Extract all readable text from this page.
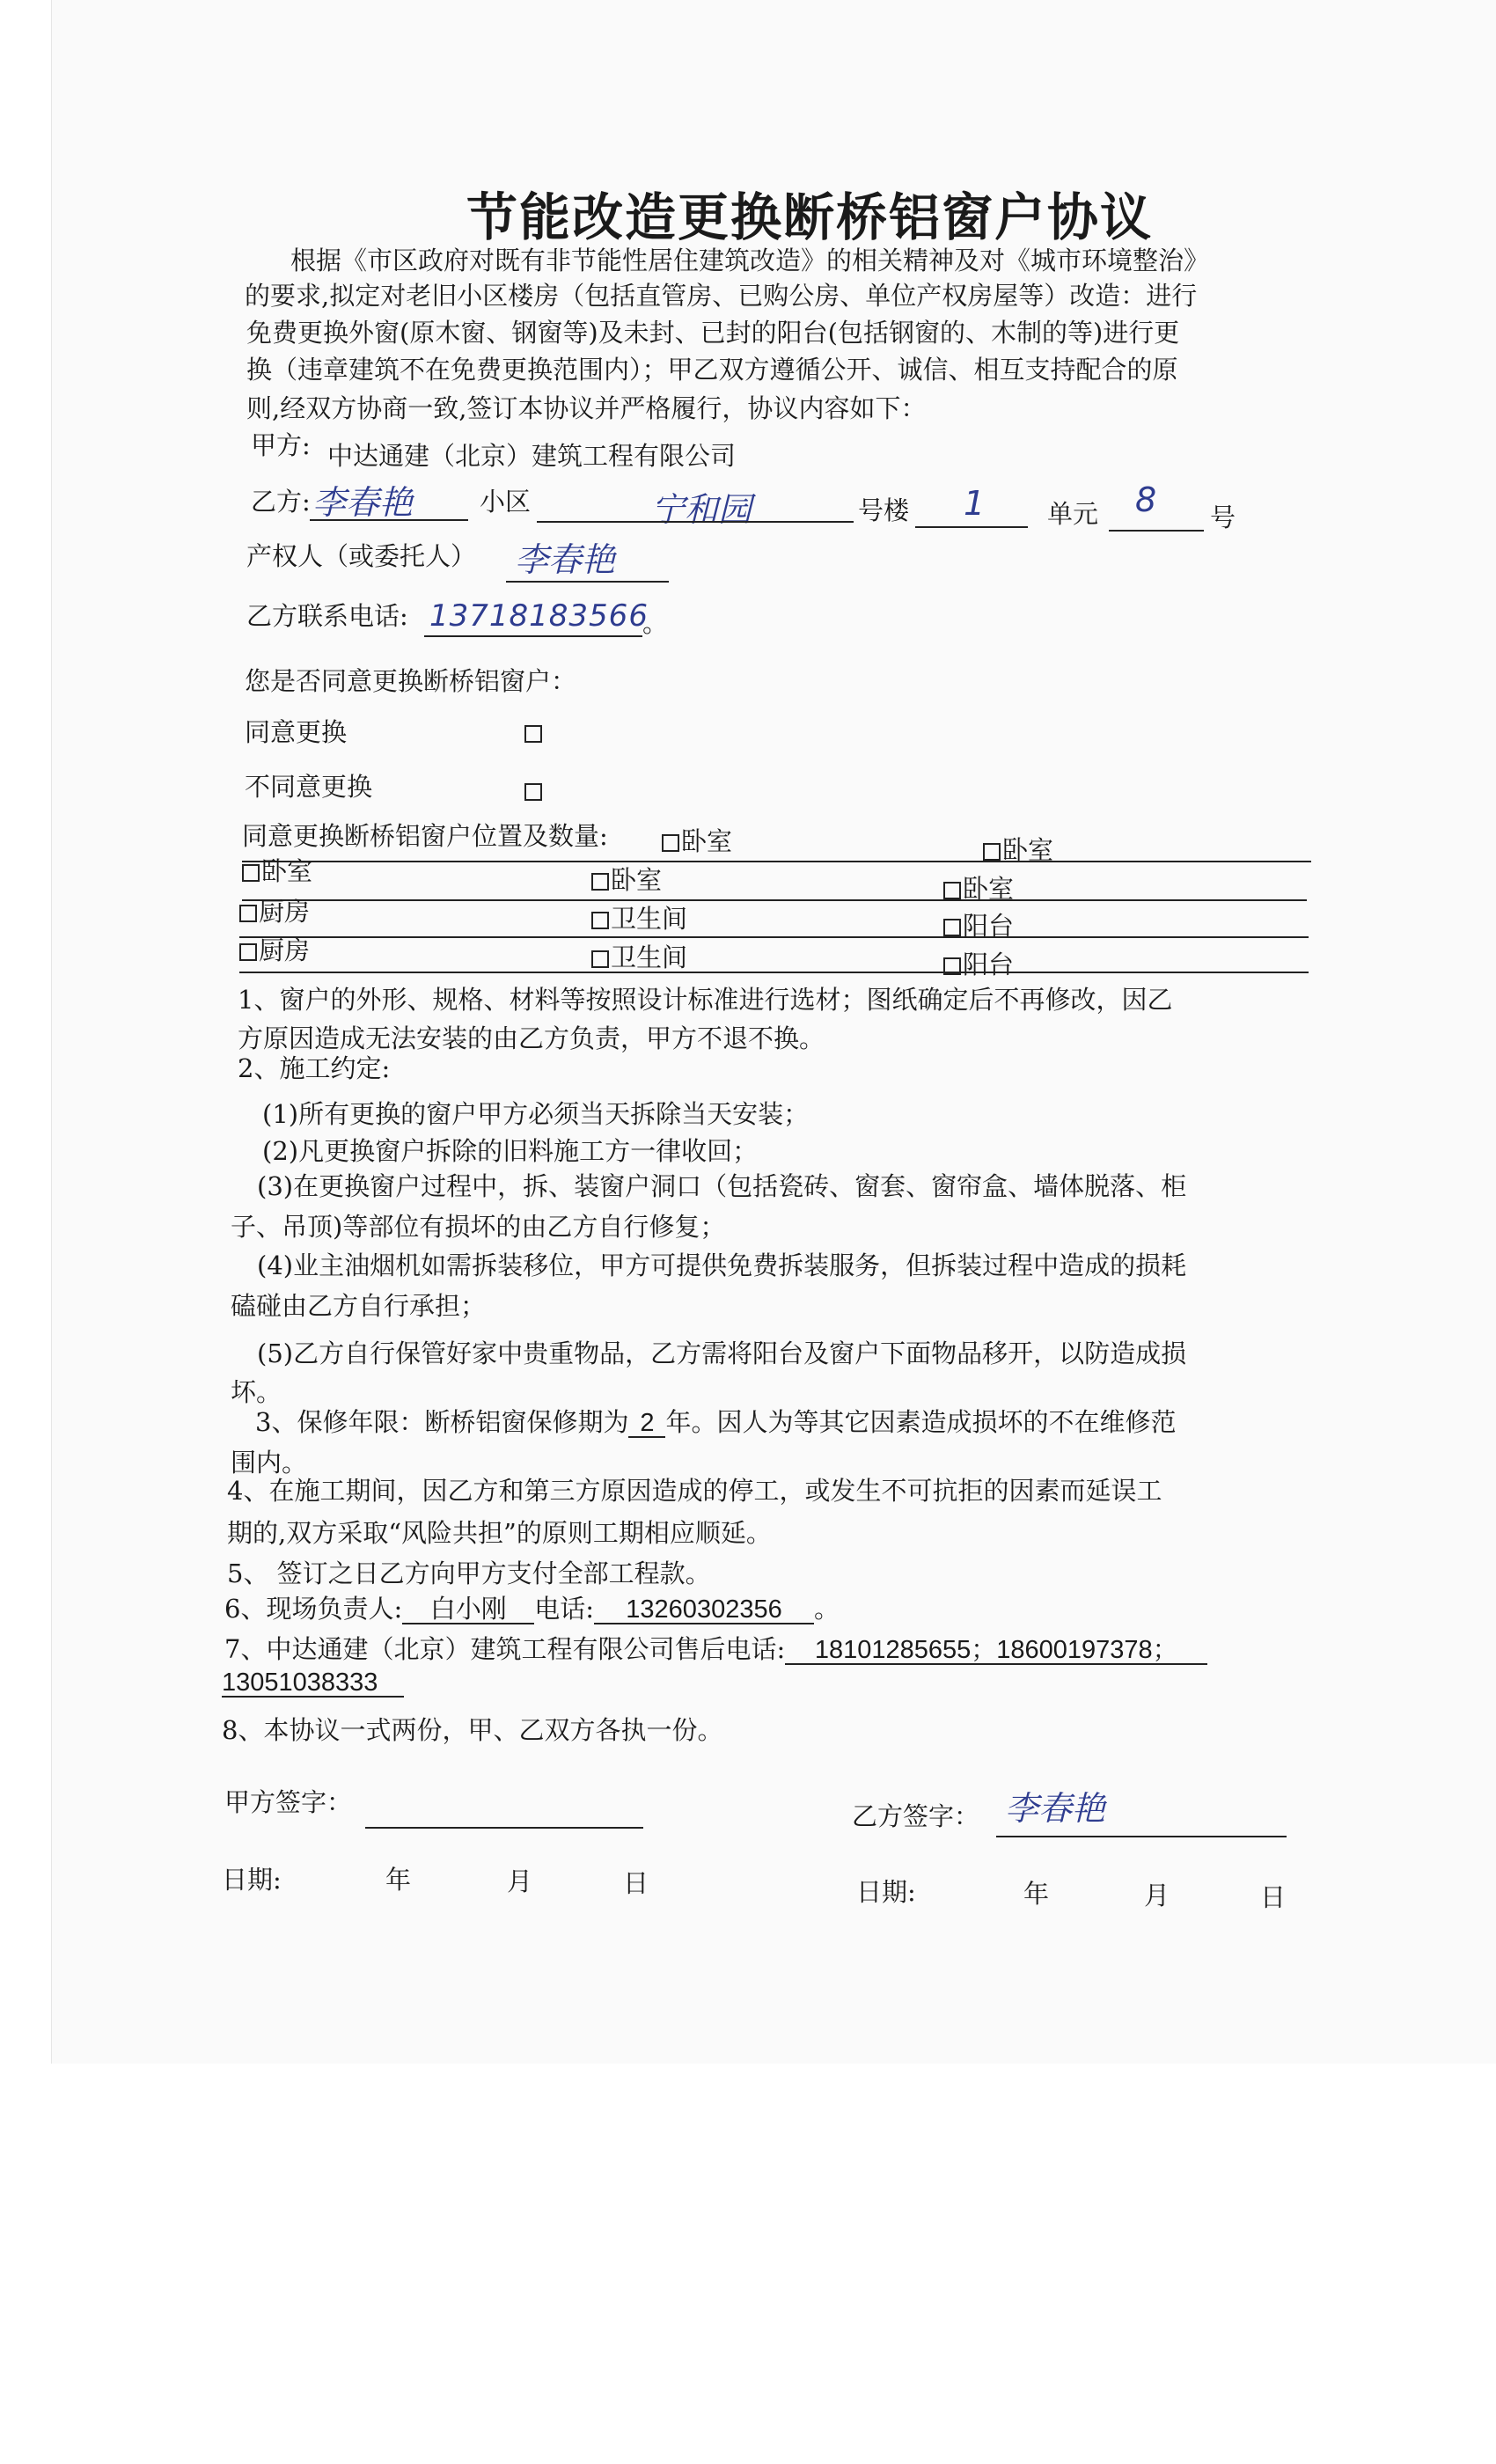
节能改造更换断桥铝窗户协议
根据《市区政府对既有非节能性居住建筑改造》的相关精神及对《城市环境整治》
的要求,拟定对老旧小区楼房（包括直管房、已购公房、单位产权房屋等）改造：进行
免费更换外窗(原木窗、钢窗等)及未封、已封的阳台(包括钢窗的、木制的等)进行更
换（违章建筑不在免费更换范围内）；甲乙双方遵循公开、诚信、相互支持配合的原
则,经双方协商一致,签订本协议并严格履行，协议内容如下：
甲方: 中达通建（北京）建筑工程有限公司
乙方: 李春艳	小区	宁和园	号楼 1 单元 8 号
产权人（或委托人） 李春艳
乙方联系电话: 13718183566
。
您是否同意更换断桥铝窗户：
同意更换
不同意更换
同意更换断桥铝窗户位置及数量:	卧室	卧室
卧室	卧室	卧室
厨房	卫生间	阳台
厨房	卫生间	阳台
1、窗户的外形、规格、材料等按照设计标准进行选材；图纸确定后不再修改，因乙
方原因造成无法安装的由乙方负责，甲方不退不换。
2、施工约定:
(1)所有更换的窗户甲方必须当天拆除当天安装；
(2)凡更换窗户拆除的旧料施工方一律收回；
(3)在更换窗户过程中，拆、装窗户洞口（包括瓷砖、窗套、窗帘盒、墙体脱落、柜
子、吊顶)等部位有损坏的由乙方自行修复；
(4)业主油烟机如需拆装移位，甲方可提供免费拆装服务，但拆装过程中造成的损耗
磕碰由乙方自行承担；
(5)乙方自行保管好家中贵重物品，乙方需将阳台及窗户下面物品移开，以防造成损
坏。
3、保修年限：断桥铝窗保修期为 2 年。因人为等其它因素造成损坏的不在维修范
围内。
4、在施工期间，因乙方和第三方原因造成的停工，或发生不可抗拒的因素而延误工
期的,双方采取“风险共担”的原则工期相应顺延。
5、 签订之日乙方向甲方支付全部工程款。
6、现场负责人: 白小刚 电话: 13260302356 。
7、中达通建（北京）建筑工程有限公司售后电话: 18101285655；18600197378；
13051038333
8、本协议一式两份，甲、乙双方各执一份。
甲方签字：	乙方签字： 李春艳
日期:	年	月	日	日期:	年	月	日
